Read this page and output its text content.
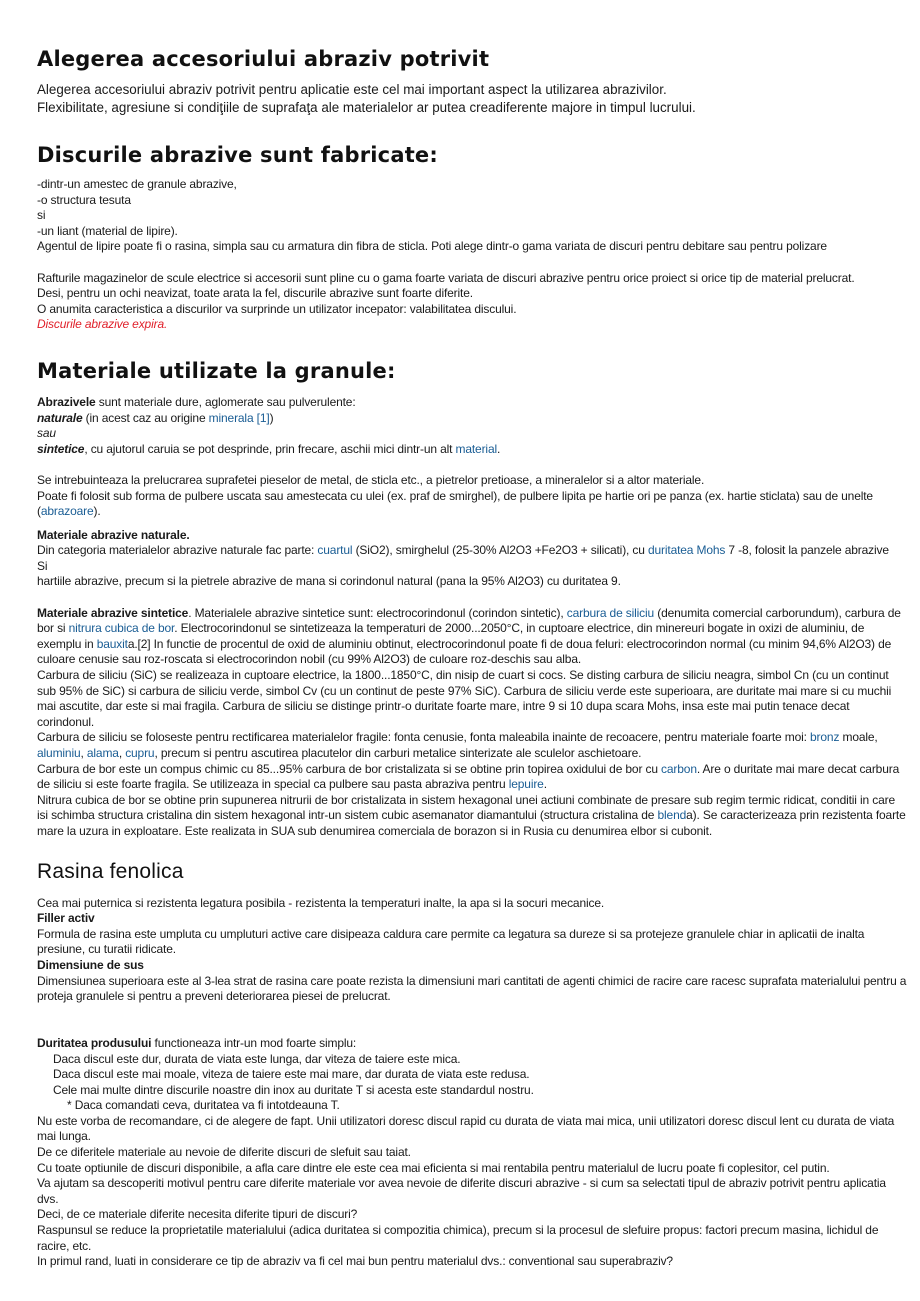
Alegerea accesoriului abraziv potrivit

Alegerea accesoriului abraziv potrivit pentru aplicatie este cel mai important aspect la utilizarea abrazivilor.

Flexibilitate, agresiune si condiţiile de suprafaţa ale materialelor ar putea creadiferente majore in timpul lucrului.

Discurile abrazive sunt fabricate:

-dintr-un amestec de granule abrazive,

-o structura tesuta

si

-un liant (material de lipire).

Agentul de lipire poate fi o rasina, simpla sau cu armatura din fibra de sticla. Poti alege dintr-o gama variata de discuri pentru debitare sau pentru polizare

Rafturile magazinelor de scule electrice si accesorii sunt pline cu o gama foarte variata de discuri abrazive pentru orice proiect si orice tip de material prelucrat.

Desi, pentru un ochi neavizat, toate arata la fel, discurile abrazive sunt foarte diferite.

O anumita caracteristica a discurilor va surprinde un utilizator incepator: valabilitatea discului.

Discurile abrazive expira.

Materiale utilizate la granule:

Abrazivele sunt materiale dure, aglomerate sau pulverulente:

naturale (in acest caz au origine minerala [1])

sau

sintetice, cu ajutorul caruia se pot desprinde, prin frecare, aschii mici dintr-un alt material.

Se intrebuinteaza la prelucrarea suprafetei pieselor de metal, de sticla etc., a pietrelor pretioase, a mineralelor si a altor materiale.

Poate fi folosit sub forma de pulbere uscata sau amestecata cu ulei (ex. praf de smirghel), de pulbere lipita pe hartie ori pe panza (ex. hartie sticlata) sau de unelte

(abrazoare).

Materiale abrazive naturale.

Din categoria materialelor abrazive naturale fac parte: cuartul (SiO2), smirghelul (25-30% Al2O3 +Fe2O3 + silicati), cu duritatea Mohs 7 -8, folosit la panzele abrazive

Si

hartiile abrazive, precum si la pietrele abrazive de mana si corindonul natural (pana la 95% Al2O3) cu duritatea 9.

Materiale abrazive sintetice. Materialele abrazive sintetice sunt: electrocorindonul (corindon sintetic), carbura de siliciu (denumita comercial carborundum), carbura de bor si nitrura cubica de bor. Electrocorindonul se sintetizeaza la temperaturi de 2000...2050°C, in cuptoare electrice, din minereuri bogate in oxizi de aluminiu, de exemplu in bauxita.[2] In functie de procentul de oxid de aluminiu obtinut, electrocorindonul poate fi de doua feluri: electrocorindon normal (cu minim 94,6% Al2O3) de culoare cenusie sau roz-roscata si electrocorindon nobil (cu 99% Al2O3) de culoare roz-deschis sau alba.

Carbura de siliciu (SiC) se realizeaza in cuptoare electrice, la 1800...1850°C, din nisip de cuart si cocs. Se disting carbura de siliciu neagra, simbol Cn (cu un continut sub 95% de SiC) si carbura de siliciu verde, simbol Cv (cu un continut de peste 97% SiC). Carbura de siliciu verde este superioara, are duritate mai mare si cu muchii mai ascutite, dar este si mai fragila. Carbura de siliciu se distinge printr-o duritate foarte mare, intre 9 si 10 dupa scara Mohs, insa este mai putin tenace decat corindonul.

Carbura de siliciu se foloseste pentru rectificarea materialelor fragile: fonta cenusie, fonta maleabila inainte de recoacere, pentru materiale foarte moi: bronz moale, aluminiu, alama, cupru, precum si pentru ascutirea placutelor din carburi metalice sinterizate ale sculelor aschietoare.

Carbura de bor este un compus chimic cu 85...95% carbura de bor cristalizata si se obtine prin topirea oxidului de bor cu carbon. Are o duritate mai mare decat carbura de siliciu si este foarte fragila. Se utilizeaza in special ca pulbere sau pasta abraziva pentru lepuire.

Nitrura cubica de bor se obtine prin supunerea nitrurii de bor cristalizata in sistem hexagonal unei actiuni combinate de presare sub regim termic ridicat, conditii in care isi schimba structura cristalina din sistem hexagonal intr-un sistem cubic asemanator diamantului (structura cristalina de blenda). Se caracterizeaza prin rezistenta foarte mare la uzura in exploatare. Este realizata in SUA sub denumirea comerciala de borazon si in Rusia cu denumirea elbor si cubonit.

Rasina fenolica

Cea mai puternica si rezistenta legatura posibila - rezistenta la temperaturi inalte, la apa si la socuri mecanice.

Filler activ

Formula de rasina este umpluta cu umpluturi active care disipeaza caldura care permite ca legatura sa dureze si sa protejeze granulele chiar in aplicatii de inalta presiune, cu turatii ridicate.

Dimensiune de sus

Dimensiunea superioara este al 3-lea strat de rasina care poate rezista la dimensiuni mari cantitati de agenti chimici de racire care racesc suprafata materialului pentru a proteja granulele si pentru a preveni deteriorarea piesei de prelucrat.

Duritatea produsului functioneaza intr-un mod foarte simplu:

Daca discul este dur, durata de viata este lunga, dar viteza de taiere este mica.

Daca discul este mai moale, viteza de taiere este mai mare, dar durata de viata este redusa.

Cele mai multe dintre discurile noastre din inox au duritate T si acesta este standardul nostru.

* Daca comandati ceva, duritatea va fi intotdeauna T.

Nu este vorba de recomandare, ci de alegere de fapt. Unii utilizatori doresc discul rapid cu durata de viata mai mica, unii utilizatori doresc discul lent cu durata de viata mai lunga.

De ce diferitele materiale au nevoie de diferite discuri de slefuit sau taiat.

Cu toate optiunile de discuri disponibile, a afla care dintre ele este cea mai eficienta si mai rentabila pentru materialul de lucru poate fi coplesitor, cel putin.

Va ajutam sa descoperiti motivul pentru care diferite materiale vor avea nevoie de diferite discuri abrazive - si cum sa selectati tipul de abraziv potrivit pentru aplicatia dvs.

Deci, de ce materiale diferite necesita diferite tipuri de discuri?

Raspunsul se reduce la proprietatile materialului (adica duritatea si compozitia chimica), precum si la procesul de slefuire propus: factori precum masina, lichidul de racire, etc.

In primul rand, luati in considerare ce tip de abraziv va fi cel mai bun pentru materialul dvs.: conventional sau superabraziv?
